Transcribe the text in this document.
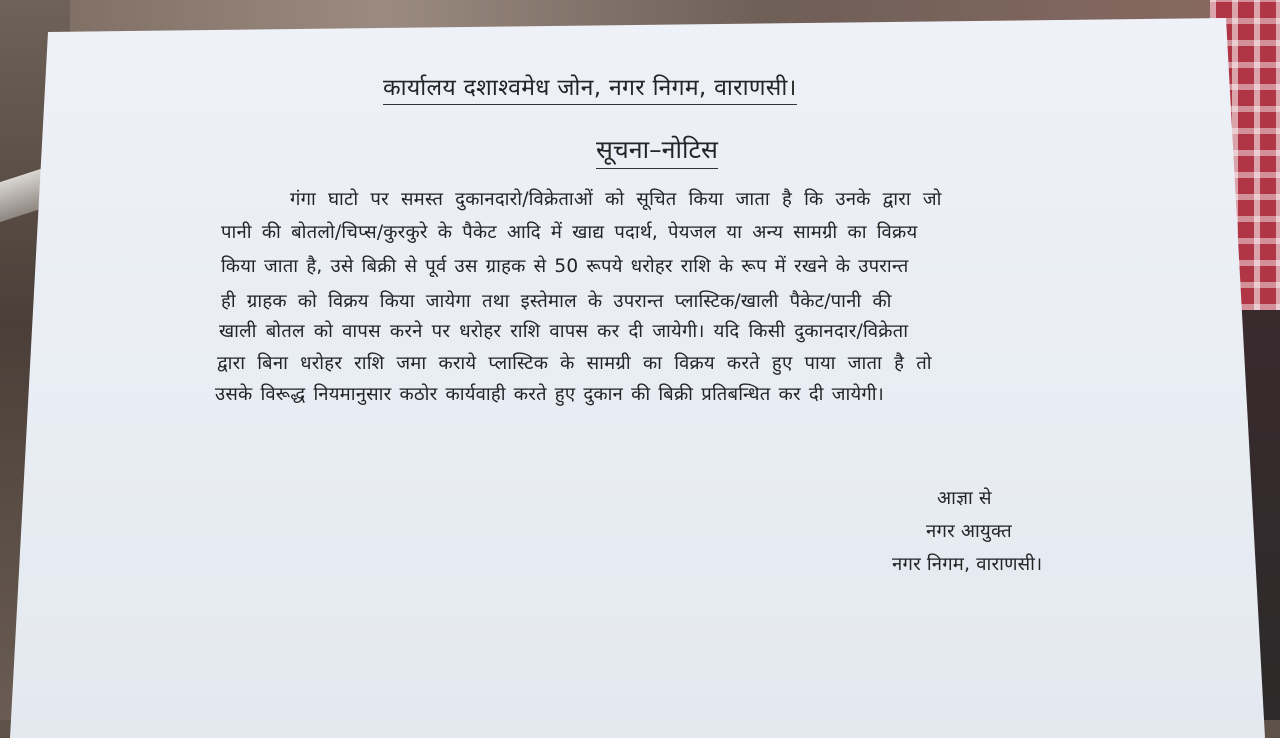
कार्यालय दशाश्वमेध जोन, नगर निगम, वाराणसी।
सूचना–नोटिस
गंगा घाटो पर समस्त दुकानदारो/विक्रेताओं को सूचित किया जाता है कि उनके द्वारा जो
पानी की बोतलो/चिप्स/कुरकुरे के पैकेट आदि में खाद्य पदार्थ, पेयजल या अन्य सामग्री का विक्रय
किया जाता है, उसे बिक्री से पूर्व उस ग्राहक से 50 रूपये धरोहर राशि के रूप में रखने के उपरान्त
ही ग्राहक को विक्रय किया जायेगा तथा इस्तेमाल के उपरान्त प्लास्टिक/खाली पैकेट/पानी की
खाली बोतल को वापस करने पर धरोहर राशि वापस कर दी जायेगी। यदि किसी दुकानदार/विक्रेता
द्वारा बिना धरोहर राशि जमा कराये प्लास्टिक के सामग्री का विक्रय करते हुए पाया जाता है तो
उसके विरूद्ध नियमानुसार कठोर कार्यवाही करते हुए दुकान की बिक्री प्रतिबन्धित कर दी जायेगी।
आज्ञा से
नगर आयुक्त
नगर निगम, वाराणसी।
